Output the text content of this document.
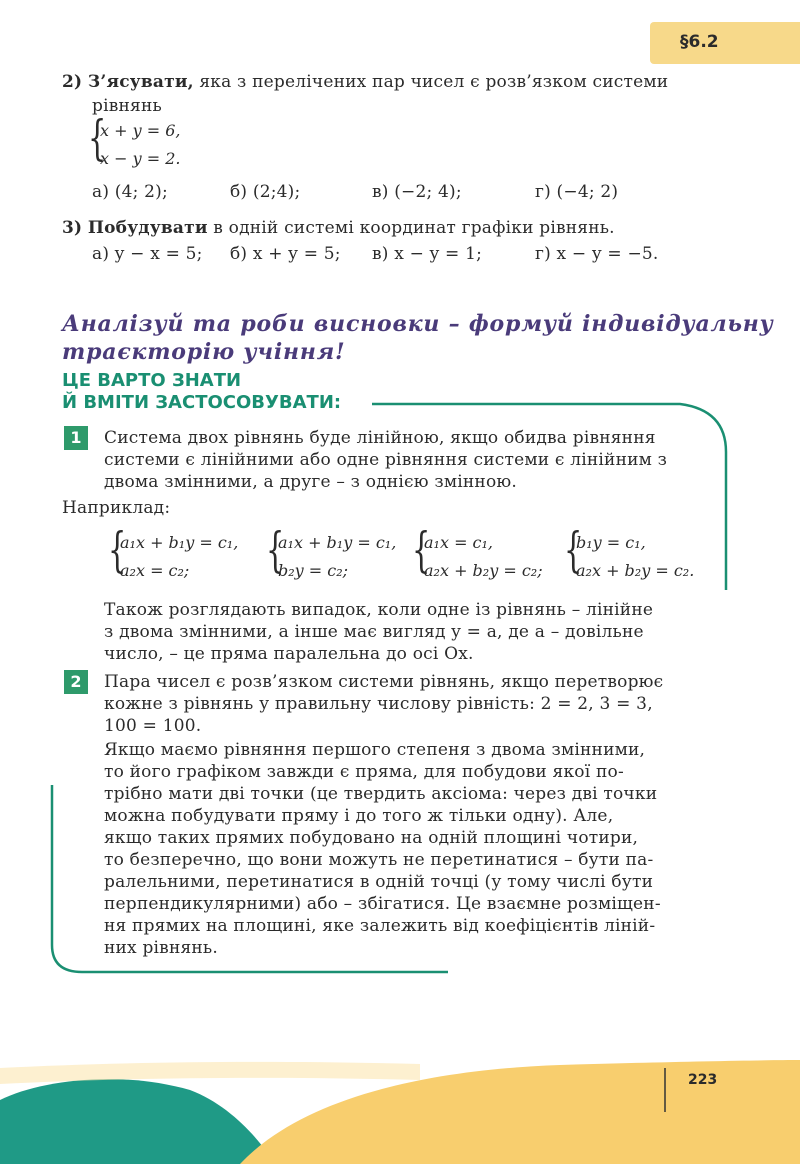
§6.2
2) З’ясувати, яка з перелічених пар чисел є розв’язком системи
рівнянь
{
x + y = 6,
x − y = 2.
а) (4; 2);	б) (2;4);	в) (−2; 4);	г) (−4; 2)
3) Побудувати в одній системі координат графіки рівнянь.
а) y − x = 5; б) x + y = 5; в) x − y = 1;	г) x − y = −5.
Аналізуй та роби висновки – формуй індивідуальну
траєкторію учіння!
ЦЕ ВАРТО ЗНАТИ
Й ВМІТИ ЗАСТОСОВУВАТИ:
1	Система двох рівнянь буде лінійною, якщо обидва рівняння
системи є лінійними або одне рівняння системи є лінійним з
двома змінними, а друге – з однією змінною.
Наприклад:
{
a₁x + b₁y = c₁,
a₂x = c₂; {
a₁x + b₁y = c₁,
b₂y = c₂; {
a₁x = c₁,
a₂x + b₂y = c₂; {
b₁y = c₁,
a₂x + b₂y = c₂.
Також розглядають випадок, коли одне із рівнянь – лінійне
з двома змінними, а інше має вигляд y = a, де a – довільне
число, – це пряма паралельна до осі Ox.
2	Пара чисел є розв’язком системи рівнянь, якщо перетворює
кожне з рівнянь у правильну числову рівність: 2 = 2, 3 = 3,
100 = 100.
Якщо маємо рівняння першого степеня з двома змінними,
то його графіком завжди є пряма, для побудови якої по-
трібно мати дві точки (це твердить аксіома: через дві точки
можна побудувати пряму і до того ж тільки одну). Але,
якщо таких прямих побудовано на одній площині чотири,
то безперечно, що вони можуть не перетинатися – бути па-
ралельними, перетинатися в одній точці (у тому числі бути
перпендикулярними) або – збігатися. Це взаємне розміщен-
ня прямих на площині, яке залежить від коефіцієнтів ліній-
них рівнянь.
223
